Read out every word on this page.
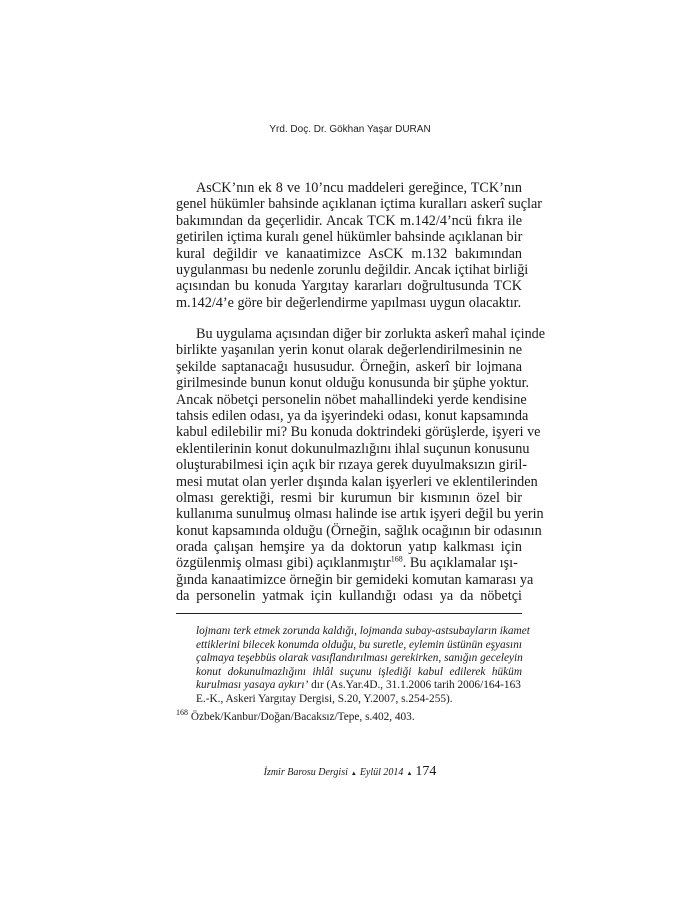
Yrd. Doç. Dr. Gökhan Yaşar DURAN
AsCK’nın ek 8 ve 10’ncu maddeleri gereğince, TCK’nın
genel hükümler bahsinde açıklanan içtima kuralları askerî suçlar
bakımından da geçerlidir. Ancak TCK m.142/4’ncü fıkra ile
getirilen içtima kuralı genel hükümler bahsinde açıklanan bir
kural değildir ve kanaatimizce AsCK m.132 bakımından
uygulanması bu nedenle zorunlu değildir. Ancak içtihat birliği
açısından bu konuda Yargıtay kararları doğrultusunda TCK
m.142/4’e göre bir değerlendirme yapılması uygun olacaktır.
Bu uygulama açısından diğer bir zorlukta askerî mahal içinde
birlikte yaşanılan yerin konut olarak değerlendirilmesinin ne
şekilde saptanacağı hususudur. Örneğin, askerî bir lojmana
girilmesinde bunun konut olduğu konusunda bir şüphe yoktur.
Ancak nöbetçi personelin nöbet mahallindeki yerde kendisine
tahsis edilen odası, ya da işyerindeki odası, konut kapsamında
kabul edilebilir mi? Bu konuda doktrindeki görüşlerde, işyeri ve
eklentilerinin konut dokunulmazlığını ihlal suçunun konusunu
oluşturabilmesi için açık bir rızaya gerek duyulmaksızın giril-
mesi mutat olan yerler dışında kalan işyerleri ve eklentilerinden
olması gerektiği, resmi bir kurumun bir kısmının özel bir
kullanıma sunulmuş olması halinde ise artık işyeri değil bu yerin
konut kapsamında olduğu (Örneğin, sağlık ocağının bir odasının
orada çalışan hemşire ya da doktorun yatıp kalkması için
özgülenmiş olması gibi) açıklanmıştır$^{168}$. Bu açıklamalar ışı-
ğında kanaatimizce örneğin bir gemideki komutan kamarası ya
da personelin yatmak için kullandığı odası ya da nöbetçi
lojmanı terk etmek zorunda kaldığı, lojmanda subay-astsubayların ikamet
ettiklerini bilecek konumda olduğu, bu suretle, eylemin üstünün eşyasını
çalmaya teşebbüs olarak vasıflandırılması gerekirken, sanığın geceleyin
konut dokunulmazlığını ihlâl suçunu işlediği kabul edilerek hüküm
kurulması yasaya aykırı’ dır (As.Yar.4D., 31.1.2006 tarih 2006/164-163
E.-K., Askeri Yargıtay Dergisi, S.20, Y.2007, s.254-255).
$^{168}$ Özbek/Kanbur/Doğan/Bacaksız/Tepe, s.402, 403.
İzmir Barosu Dergisi ▲ Eylül 2014 ▲ 174
